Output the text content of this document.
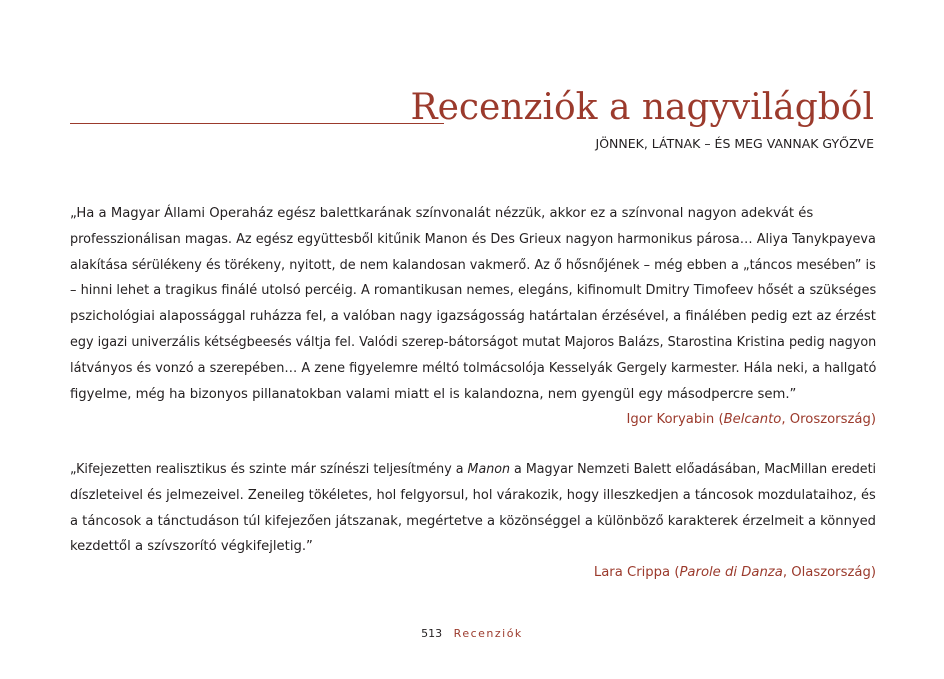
Recenziók a nagyvilágból
JÖNNEK, LÁTNAK – ÉS MEG VANNAK GYŐZVE
„Ha a Magyar Állami Operaház egész balettkarának színvonalát nézzük, akkor ez a színvonal nagyon adekvát és
professzionálisan magas. Az egész együttesből kitűnik Manon és Des Grieux nagyon harmonikus párosa… Aliya Tanykpayeva
alakítása sérülékeny és törékeny, nyitott, de nem kalandosan vakmerő. Az ő hősnőjének – még ebben a „táncos mesében” is
– hinni lehet a tragikus finálé utolsó percéig. A romantikusan nemes, elegáns, kifinomult Dmitry Timofeev hősét a szükséges
pszichológiai alapossággal ruházza fel, a valóban nagy igazságosság határtalan érzésével, a finálében pedig ezt az érzést
egy igazi univerzális kétségbeesés váltja fel. Valódi szerep-bátorságot mutat Majoros Balázs, Starostina Kristina pedig nagyon
látványos és vonzó a szerepében… A zene figyelemre méltó tolmácsolója Kesselyák Gergely karmester. Hála neki, a hallgató
figyelme, még ha bizonyos pillanatokban valami miatt el is kalandozna, nem gyengül egy másodpercre sem.”
Igor Koryabin (Belcanto, Oroszország)
„Kifejezetten realisztikus és szinte már színészi teljesítmény a Manon a Magyar Nemzeti Balett előadásában, MacMillan eredeti
díszleteivel és jelmezeivel. Zeneileg tökéletes, hol felgyorsul, hol várakozik, hogy illeszkedjen a táncosok mozdulataihoz, és
a táncosok a tánctudáson túl kifejezően játszanak, megértetve a közönséggel a különböző karakterek érzelmeit a könnyed
kezdettől a szívszorító végkifejletig.”
Lara Crippa (Parole di Danza, Olaszország)
513 Recenziók
